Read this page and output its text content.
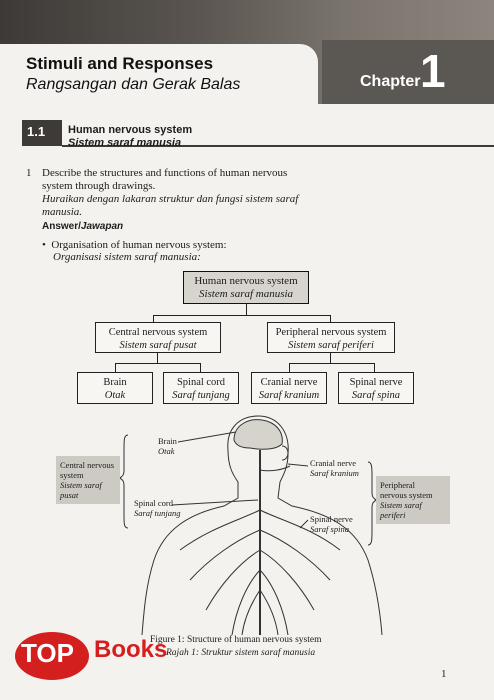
Stimuli and Responses
Rangsangan dan Gerak Balas	Chapter 1
1.1 Human nervous system
Sistem saraf manusia
1 Describe the structures and functions of human nervous
system through drawings.
Huraikan dengan lakaran struktur dan fungsi sistem saraf
manusia.
Answer/Jawapan
•  Organisation of human nervous system:
Organisasi sistem saraf manusia:
Human nervous system
Sistem saraf manusia
Central nervous system
Sistem saraf pusat
Peripheral nervous system
Sistem saraf periferi
Brain
Otak
Spinal cord
Saraf tunjang
Cranial nerve
Saraf kranium
Spinal nerve
Saraf spina
Brain
Otak
Spinal cord
Saraf tunjang
Cranial nerve
Saraf kranium
Spinal nerve
Saraf spina
Central nervous
system
Sistem saraf
pusat
Peripheral
nervous system
Sistem saraf
periferi
Figure 1: Structure of human nervous system
Rajah 1: Struktur sistem saraf manusia
TOP Books
1
